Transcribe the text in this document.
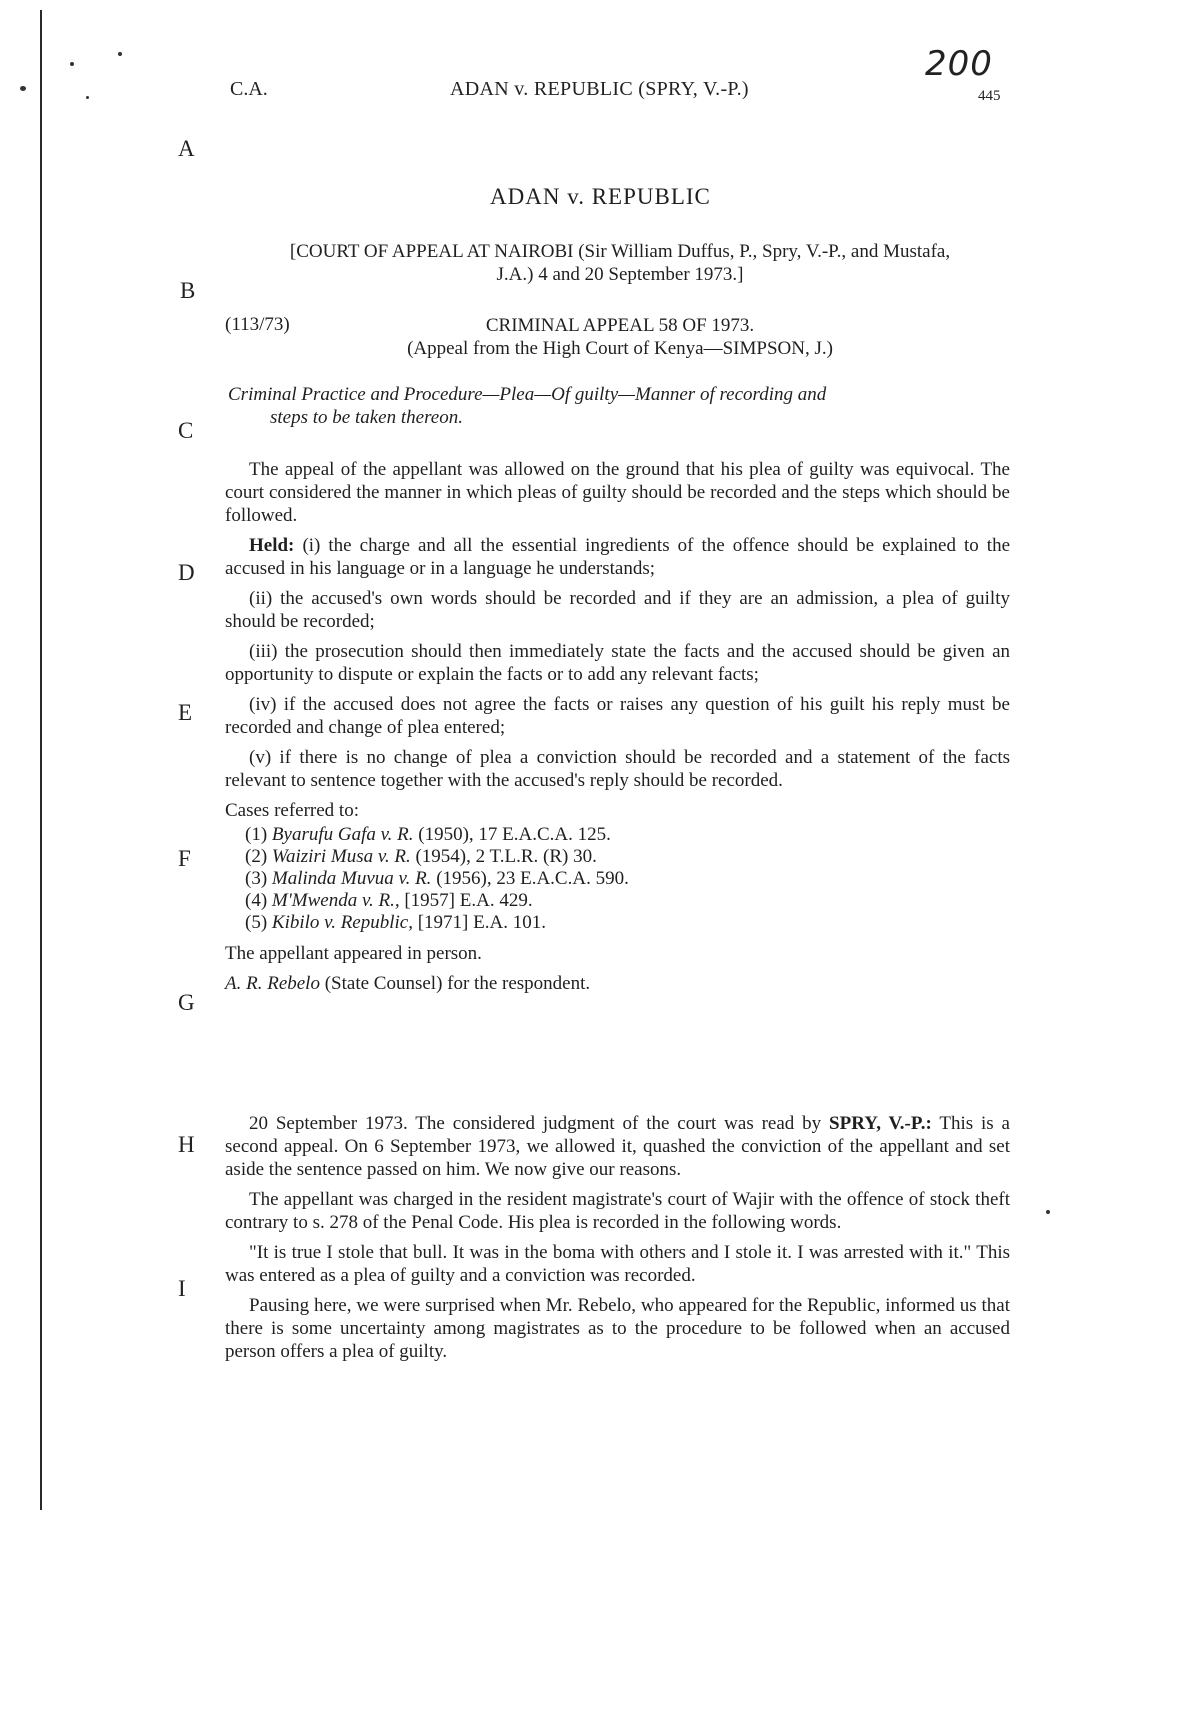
200
C.A.	ADAN v. REPUBLIC (SPRY, V.-P.)	445
A
B
C
D
E
F
G
H
I
ADAN v. REPUBLIC
[COURT OF APPEAL AT NAIROBI (Sir William Duffus, P., Spry, V.-P., and Mustafa,
J.A.) 4 and 20 September 1973.]
(113/73)	CRIMINAL APPEAL 58 OF 1973.
(Appeal from the High Court of Kenya—SIMPSON, J.)
Criminal Practice and Procedure—Plea—Of guilty—Manner of recording and
steps to be taken thereon.

The appeal of the appellant was allowed on the ground that his plea of guilty was equivocal. The court considered the manner in which pleas of guilty should be recorded and the steps which should be followed.

Held: (i) the charge and all the essential ingredients of the offence should be explained to the accused in his language or in a language he understands;

(ii) the accused's own words should be recorded and if they are an admission, a plea of guilty should be recorded;

(iii) the prosecution should then immediately state the facts and the accused should be given an opportunity to dispute or explain the facts or to add any relevant facts;

(iv) if the accused does not agree the facts or raises any question of his guilt his reply must be recorded and change of plea entered;

(v) if there is no change of plea a conviction should be recorded and a statement of the facts relevant to sentence together with the accused's reply should be recorded.

Cases referred to:

(1) Byarufu Gafa v. R. (1950), 17 E.A.C.A. 125.
(2) Waiziri Musa v. R. (1954), 2 T.L.R. (R) 30.
(3) Malinda Muvua v. R. (1956), 23 E.A.C.A. 590.
(4) M'Mwenda v. R., [1957] E.A. 429.
(5) Kibilo v. Republic, [1971] E.A. 101.

The appellant appeared in person.

A. R. Rebelo (State Counsel) for the respondent.

20 September 1973. The considered judgment of the court was read by SPRY, V.-P.: This is a second appeal. On 6 September 1973, we allowed it, quashed the conviction of the appellant and set aside the sentence passed on him. We now give our reasons.

The appellant was charged in the resident magistrate's court of Wajir with the offence of stock theft contrary to s. 278 of the Penal Code. His plea is recorded in the following words.

"It is true I stole that bull. It was in the boma with others and I stole it. I was arrested with it." This was entered as a plea of guilty and a conviction was recorded.

Pausing here, we were surprised when Mr. Rebelo, who appeared for the Republic, informed us that there is some uncertainty among magistrates as to the procedure to be followed when an accused person offers a plea of guilty.
